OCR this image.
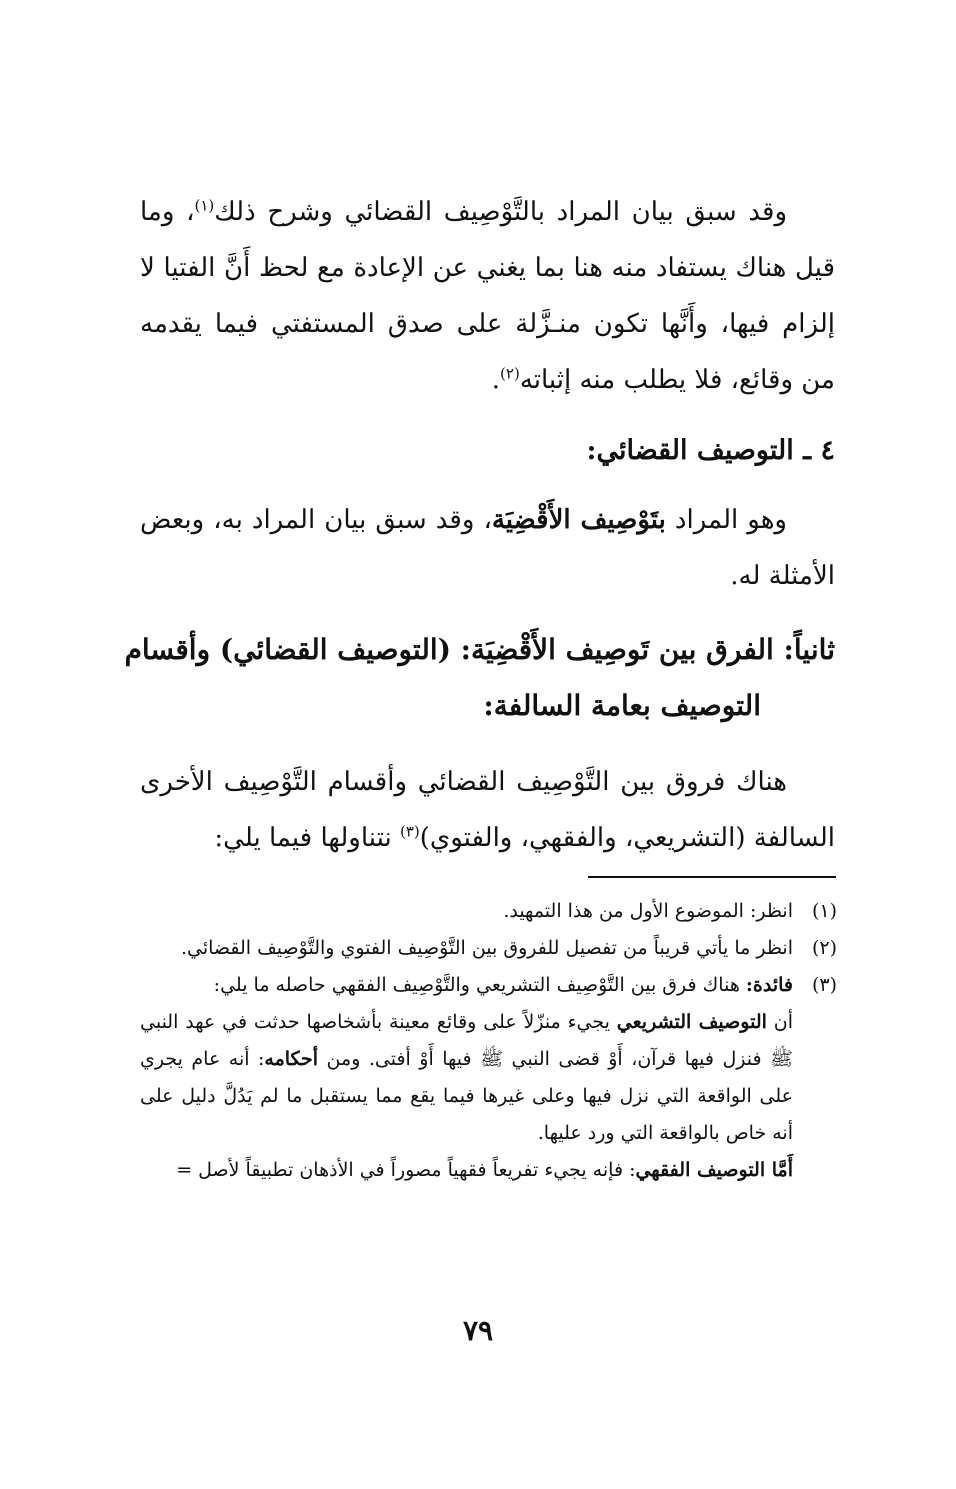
وقد سبق بيان المراد بالتَّوْصِيف القضائي وشرح ذلك$^{(١)}$، وما قيل هناك يستفاد منه هنا بما يغني عن الإعادة مع لحظ أَنَّ الفتيا لا إلزام فيها، وأَنَّها تكون منـزَّلة على صدق المستفتي فيما يقدمه من وقائع، فلا يطلب منه إثباته$^{(٢)}$.
٤ ـ التوصيف القضائي:
وهو المراد بتَوْصِيف الأَقْضِيَة، وقد سبق بيان المراد به، وبعض الأمثلة له.
ثانياً: الفرق بين تَوصِيف الأَقْضِيَة: (التوصيف القضائي) وأقسام
التوصيف بعامة السالفة:
هناك فروق بين التَّوْصِيف القضائي وأقسام التَّوْصِيف الأخرى السالفة (التشريعي، والفقهي، والفتوي)$^{(٣)}$ نتناولها فيما يلي:
(١)
انظر: الموضوع الأول من هذا التمهيد.
(٢)
انظر ما يأتي قريباً من تفصيل للفروق بين التَّوْصِيف الفتوي والتَّوْصِيف القضائي.
(٣)
فائدة: هناك فرق بين التَّوْصِيف التشريعي والتَّوْصِيف الفقهي حاصله ما يلي:
أن التوصيف التشريعي يجيء منزّلاً على وقائع معينة بأشخاصها حدثت في عهد النبي ﷺ فنزل فيها قرآن، أَوْ قضى النبي ﷺ فيها أَوْ أفتى. ومن أحكامه: أنه عام يجري على الواقعة التي نزل فيها وعلى غيرها فيما يقع مما يستقبل ما لم يَدُلَّ دليل على أنه خاص بالواقعة التي ورد عليها.
أَمَّا التوصيف الفقهي: فإنه يجيء تفريعاً فقهياً مصوراً في الأذهان تطبيقاً لأصل =
٧٩
